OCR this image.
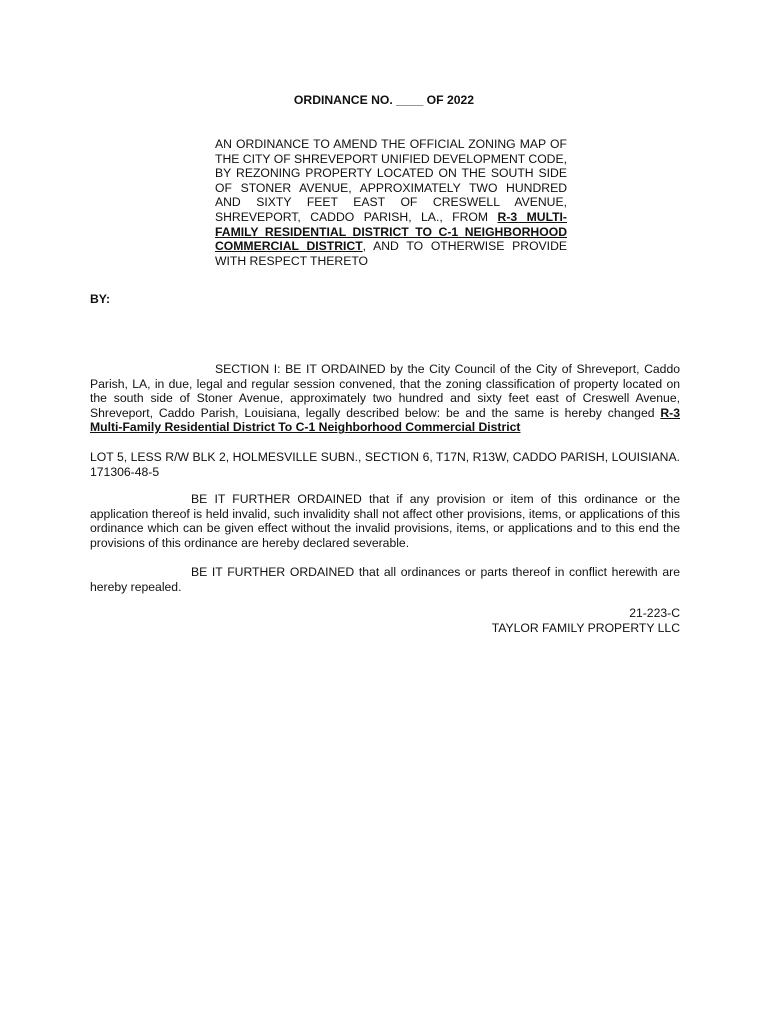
ORDINANCE NO. ____ OF 2022
AN ORDINANCE TO AMEND THE OFFICIAL ZONING MAP OF THE CITY OF SHREVEPORT UNIFIED DEVELOPMENT CODE, BY REZONING PROPERTY LOCATED ON THE SOUTH SIDE OF STONER AVENUE, APPROXIMATELY TWO HUNDRED AND SIXTY FEET EAST OF CRESWELL AVENUE, SHREVEPORT, CADDO PARISH, LA., FROM R-3 MULTI-FAMILY RESIDENTIAL DISTRICT TO C-1 NEIGHBORHOOD COMMERCIAL DISTRICT, AND TO OTHERWISE PROVIDE WITH RESPECT THERETO
BY:
SECTION I: BE IT ORDAINED by the City Council of the City of Shreveport, Caddo Parish, LA, in due, legal and regular session convened, that the zoning classification of property located on the south side of Stoner Avenue, approximately two hundred and sixty feet east of Creswell Avenue, Shreveport, Caddo Parish, Louisiana, legally described below: be and the same is hereby changed R-3 Multi-Family Residential District To C-1 Neighborhood Commercial District
LOT 5, LESS R/W BLK 2, HOLMESVILLE SUBN., SECTION 6, T17N, R13W, CADDO PARISH, LOUISIANA. 171306-48-5
BE IT FURTHER ORDAINED that if any provision or item of this ordinance or the application thereof is held invalid, such invalidity shall not affect other provisions, items, or applications of this ordinance which can be given effect without the invalid provisions, items, or applications and to this end the provisions of this ordinance are hereby declared severable.
BE IT FURTHER ORDAINED that all ordinances or parts thereof in conflict herewith are hereby repealed.
21-223-C
TAYLOR FAMILY PROPERTY LLC
